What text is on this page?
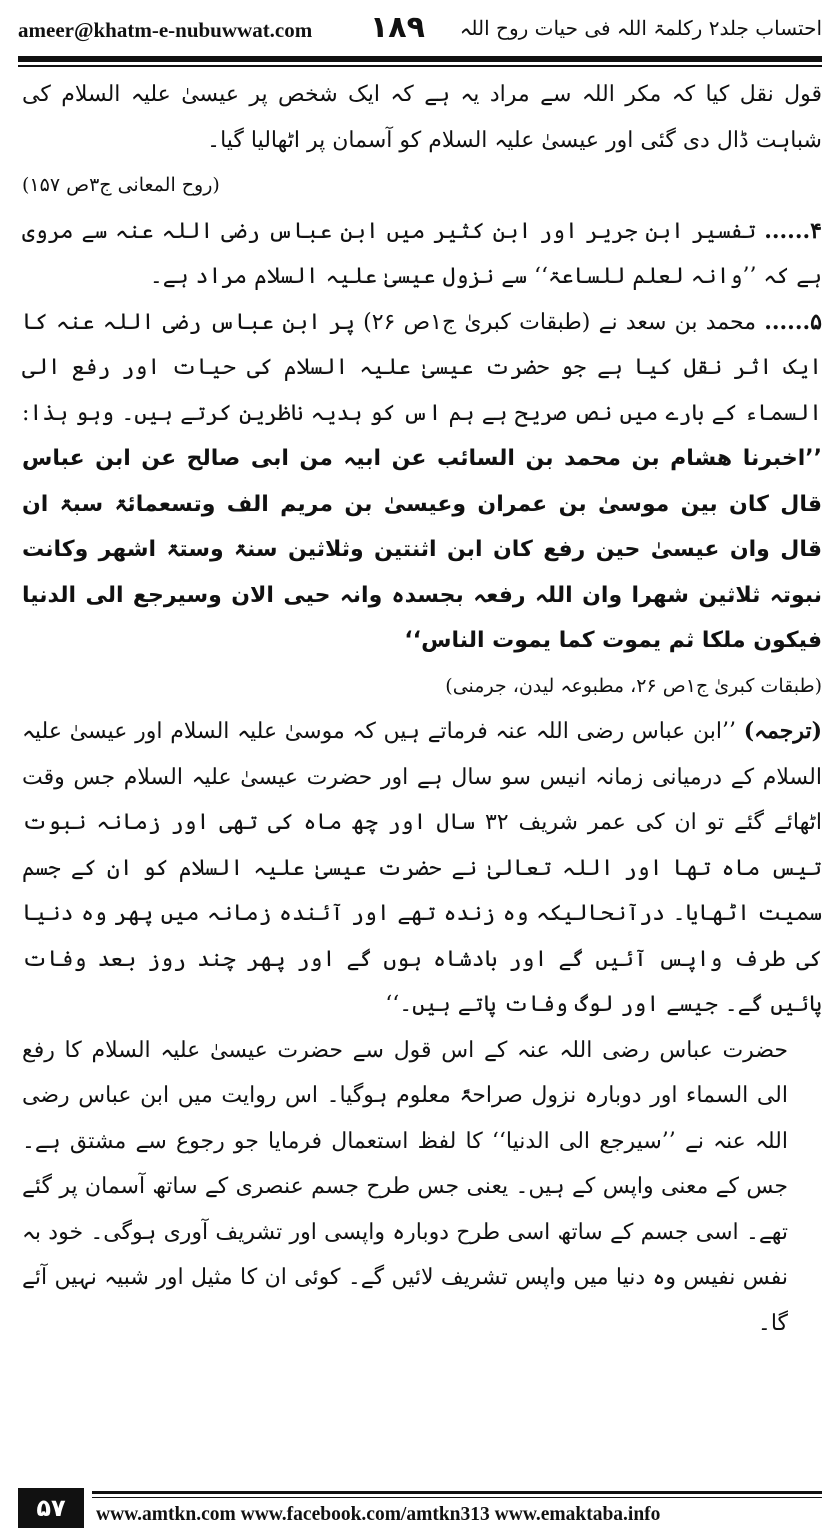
ameer@khatm-e-nubuwwat.com ۱۸۹ احتساب جلد۲ رکلمۃ اللہ فی حیات روح اللہ

قول نقل کیا کہ مکر اللہ سے مراد یہ ہے کہ ایک شخص پر عیسیٰ علیہ السلام کی شباہت ڈال دی گئی اور عیسیٰ علیہ السلام کو آسمان پر اٹھالیا گیا۔
(روح المعانی ج۳ص ۱۵۷)

۴...... تفسیر ابن جریر اور ابن کثیر میں ابن عباس رضی اللہ عنہ سے مروی ہے کہ ’’وانہ لعلم للساعۃ‘‘ سے نزول عیسیٰ علیہ السلام مراد ہے۔

۵...... محمد بن سعد نے (طبقات کبریٰ ج۱ص ۲۶) پر ابن عباس رضی اللہ عنہ کا ایک اثر نقل کیا ہے جو حضرت عیسیٰ علیہ السلام کی حیات اور رفع الی السماء کے بارے میں نص صریح ہے ہم اس کو ہدیہ ناظرین کرتے ہیں۔ وہو ہذا: ’’اخبرنا ھشام بن محمد بن السائب عن ابیہ من ابی صالح عن ابن عباس قال کان بین موسیٰ بن عمران وعیسیٰ بن مریم الف وتسعمائۃ سبۃ ان قال وان عیسیٰ حین رفع کان ابن اثنتین وثلاثین سنۃ وستۃ اشھر وکانت نبوتہ ثلاثین شھرا وان اللہ رفعہ بجسدہ وانہ حیی الان وسیرجع الی الدنیا فیکون ملکا ثم یموت کما یموت الناس‘‘

(طبقات کبریٰ ج۱ص ۲۶، مطبوعہ لیدن، جرمنی)

(ترجمہ) ’’ابن عباس رضی اللہ عنہ فرماتے ہیں کہ موسیٰ علیہ السلام اور عیسیٰ علیہ السلام کے درمیانی زمانہ انیس سو سال ہے اور حضرت عیسیٰ علیہ السلام جس وقت اٹھائے گئے تو ان کی عمر شریف ۳۲ سال اور چھ ماہ کی تھی اور زمانہ نبوت تیس ماہ تھا اور اللہ تعالیٰ نے حضرت عیسیٰ علیہ السلام کو ان کے جسم سمیت اٹھایا۔ درآنحالیکہ وہ زندہ تھے اور آئندہ زمانہ میں پھر وہ دنیا کی طرف واپس آئیں گے اور بادشاہ ہوں گے اور پھر چند روز بعد وفات پائیں گے۔ جیسے اور لوگ وفات پاتے ہیں۔‘‘

حضرت عباس رضی اللہ عنہ کے اس قول سے حضرت عیسیٰ علیہ السلام کا رفع الی السماء اور دوبارہ نزول صراحۃً معلوم ہوگیا۔ اس روایت میں ابن عباس رضی اللہ عنہ نے ’’سیرجع الی الدنیا‘‘ کا لفظ استعمال فرمایا جو رجوع سے مشتق ہے۔ جس کے معنی واپس کے ہیں۔ یعنی جس طرح جسم عنصری کے ساتھ آسمان پر گئے تھے۔ اسی جسم کے ساتھ اسی طرح دوبارہ واپسی اور تشریف آوری ہوگی۔ خود بہ نفس نفیس وہ دنیا میں واپس تشریف لائیں گے۔ کوئی ان کا مثیل اور شبیہ نہیں آئے گا۔

۵۷	www.amtkn.com www.facebook.com/amtkn313 www.emaktaba.info
